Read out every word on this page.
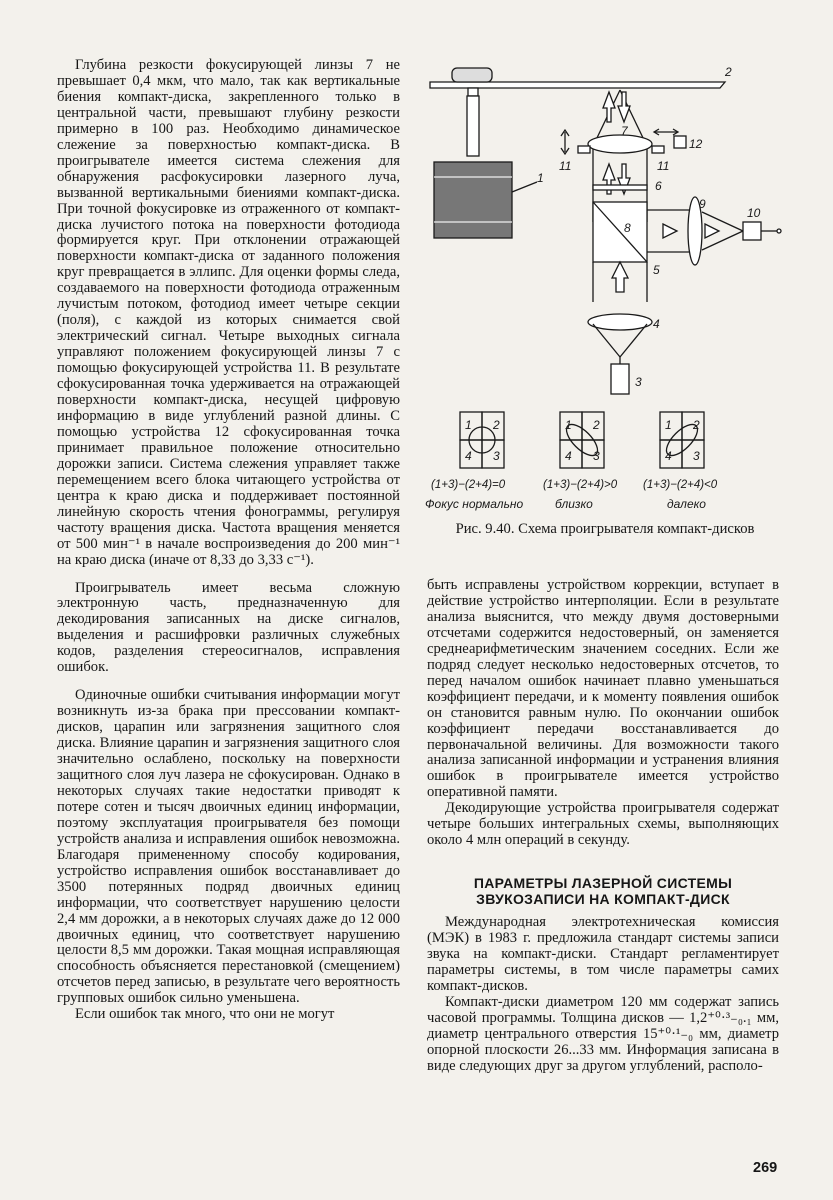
Глубина резкости фокусирующей линзы 7 не превышает 0,4 мкм, что мало, так как вертикальные биения компакт-диска, закрепленного только в центральной части, превышают глубину резкости примерно в 100 раз. Необходимо динамическое слежение за поверхностью компакт-диска. В проигрывателе имеется система слежения для обнаружения расфокусировки лазерного луча, вызванной вертикальными биениями компакт-диска. При точной фокусировке из отраженного от компакт-диска лучистого потока на поверхности фотодиода формируется круг. При отклонении отражающей поверхности компакт-диска от заданного положения круг превращается в эллипс. Для оценки формы следа, создаваемого на поверхности фотодиода отраженным лучистым потоком, фотодиод имеет четыре секции (поля), с каждой из которых снимается свой электрический сигнал. Четыре выходных сигнала управляют положением фокусирующей линзы 7 с помощью фокусирующей устройства 11. В результате сфокусированная точка удерживается на отражающей поверхности компакт-диска, несущей цифровую информацию в виде углублений разной длины. С помощью устройства 12 сфокусированная точка принимает правильное положение относительно дорожки записи. Система слежения управляет также перемещением всего блока читающего устройства от центра к краю диска и поддерживает постоянной линейную скорость чтения фонограммы, регулируя частоту вращения диска. Частота вращения меняется от 500 мин⁻¹ в начале воспроизведения до 200 мин⁻¹ на краю диска (иначе от 8,33 до 3,33 с⁻¹).

Проигрыватель имеет весьма сложную электронную часть, предназначенную для декодирования записанных на диске сигналов, выделения и расшифровки различных служебных кодов, разделения стереосигналов, исправления ошибок.

Одиночные ошибки считывания информации могут возникнуть из-за брака при прессовании компакт-дисков, царапин или загрязнения защитного слоя диска. Влияние царапин и загрязнения защитного слоя значительно ослаблено, поскольку на поверхности защитного слоя луч лазера не сфокусирован. Однако в некоторых случаях такие недостатки приводят к потере сотен и тысяч двоичных единиц информации, поэтому эксплуатация проигрывателя без помощи устройств анализа и исправления ошибок невозможна. Благодаря примененному способу кодирования, устройство исправления ошибок восстанавливает до 3500 потерянных подряд двоичных единиц информации, что соответствует нарушению целости 2,4 мм дорожки, а в некоторых случаях даже до 12 000 двоичных единиц, что соответствует нарушению целости 8,5 мм дорожки. Такая мощная исправляющая способность объясняется перестановкой (смещением) отсчетов перед записью, в результате чего вероятность групповых ошибок сильно уменьшена.

Если ошибок так много, что они не могут

2
1
7
12
11	11
6
8
5
9
10
4
3
1 2
4 3
1 2
4 3
1 2
4 3
(1+3)−(2+4)=0	(1+3)−(2+4)>0 (1+3)−(2+4)<0
Фокус нормально	близко	далеко
Рис. 9.40. Схема проигрывателя компакт-дисков

быть исправлены устройством коррекции, вступает в действие устройство интерполяции. Если в результате анализа выяснится, что между двумя достоверными отсчетами содержится недостоверный, он заменяется среднеарифметическим значением соседних. Если же подряд следует несколько недостоверных отсчетов, то перед началом ошибок начинает плавно уменьшаться коэффициент передачи, и к моменту появления ошибок он становится равным нулю. По окончании ошибок коэффициент передачи восстанавливается до первоначальной величины. Для возможности такого анализа записанной информации и устранения влияния ошибок в проигрывателе имеется устройство оперативной памяти.

Декодирующие устройства проигрывателя содержат четыре больших интегральных схемы, выполняющих около 4 млн операций в секунду.

ПАРАМЕТРЫ ЛАЗЕРНОЙ СИСТЕМЫ
ЗВУКОЗАПИСИ НА КОМПАКТ-ДИСК

Международная электротехническая комиссия (МЭК) в 1983 г. предложила стандарт системы записи звука на компакт-диски. Стандарт регламентирует параметры системы, в том числе параметры самих компакт-дисков.

Компакт-диски диаметром 120 мм содержат запись часовой программы. Толщина дисков — 1,2⁺⁰·³₋₀.₁ мм, диаметр центрального отверстия 15⁺⁰·¹₋₀ мм, диаметр опорной плоскости 26...33 мм. Информация записана в виде следующих друг за другом углублений, располо-

269
